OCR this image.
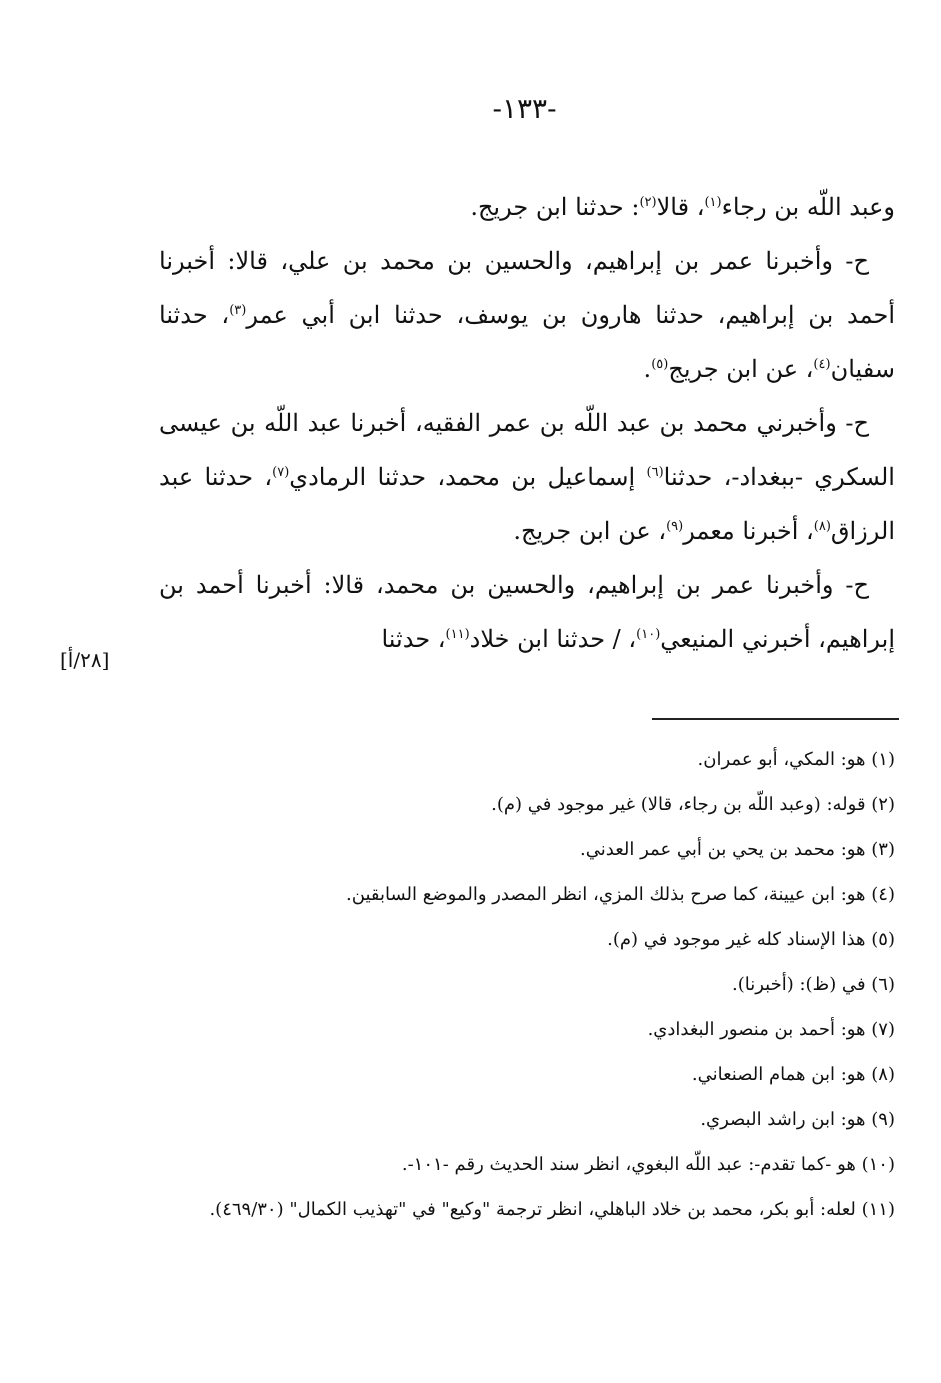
-١٣٣-

وعبد اللّه بن رجاء$^{(١)}$، قالا$^{(٢)}$: حدثنا ابن جريج.

ح- وأخبرنا عمر بن إبراهيم، والحسين بن محمد بن علي، قالا: أخبرنا أحمد بن إبراهيم، حدثنا هارون بن يوسف، حدثنا ابن أبي عمر$^{(٣)}$، حدثنا سفيان$^{(٤)}$، عن ابن جريج$^{(٥)}$.

ح- وأخبرني محمد بن عبد اللّه بن عمر الفقيه، أخبرنا عبد اللّه بن عيسى السكري -ببغداد-، حدثنا$^{(٦)}$ إسماعيل بن محمد، حدثنا الرمادي$^{(٧)}$، حدثنا عبد الرزاق$^{(٨)}$، أخبرنا معمر$^{(٩)}$، عن ابن جريج.

ح- وأخبرنا عمر بن إبراهيم، والحسين بن محمد، قالا: أخبرنا أحمد بن إبراهيم، أخبرني المنيعي$^{(١٠)}$، / حدثنا ابن خلاد$^{(١١)}$، حدثنا

[٢٨/أ]
(١) هو: المكي، أبو عمران.
(٢) قوله: (وعبد اللّه بن رجاء، قالا) غير موجود في (م).
(٣) هو: محمد بن يحي بن أبي عمر العدني.
(٤) هو: ابن عيينة، كما صرح بذلك المزي، انظر المصدر والموضع السابقين.
(٥) هذا الإسناد كله غير موجود في (م).
(٦) في (ظ): (أخبرنا).
(٧) هو: أحمد بن منصور البغدادي.
(٨) هو: ابن همام الصنعاني.
(٩) هو: ابن راشد البصري.
(١٠) هو -كما تقدم-: عبد اللّه البغوي، انظر سند الحديث رقم -١٠١-.
(١١) لعله: أبو بكر، محمد بن خلاد الباهلي، انظر ترجمة "وكيع" في "تهذيب الكمال" (٤٦٩/٣٠).
